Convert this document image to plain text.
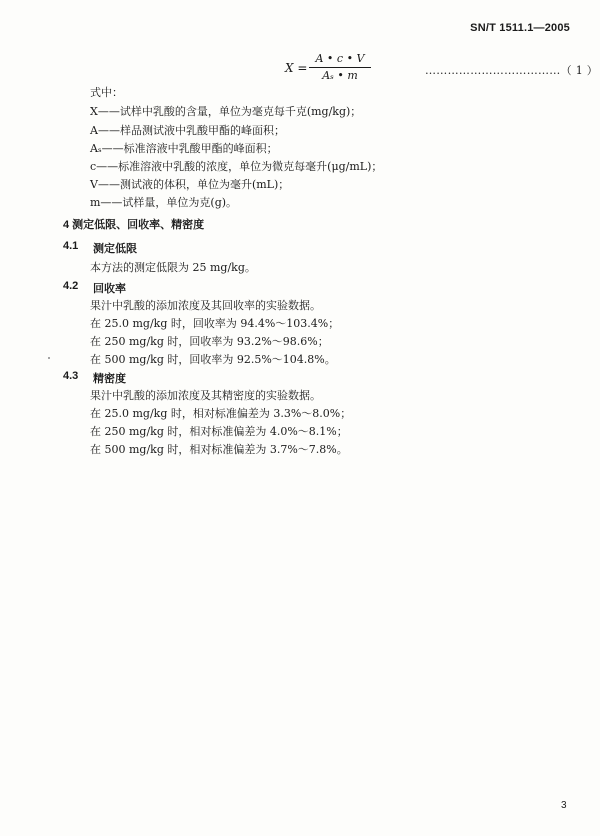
SN/T 1511.1—2005
X =
A • c • V
Aₛ • m	………………………………（ 1 ）
式中：
X——试样中乳酸的含量，单位为毫克每千克(mg/kg)；
A——样品测试液中乳酸甲酯的峰面积；
Aₛ——标准溶液中乳酸甲酯的峰面积；
c——标准溶液中乳酸的浓度，单位为微克每毫升(μg/mL)；
V——测试液的体积，单位为毫升(mL)；
m——试样量，单位为克(g)。
4 测定低限、回收率、精密度
4.1 测定低限
本方法的测定低限为 25 mg/kg。
4.2 回收率
果汁中乳酸的添加浓度及其回收率的实验数据。
在 25.0 mg/kg 时，回收率为 94.4%～103.4%；
在 250 mg/kg 时，回收率为 93.2%～98.6%；
在 500 mg/kg 时，回收率为 92.5%～104.8%。
4.3 精密度
果汁中乳酸的添加浓度及其精密度的实验数据。
在 25.0 mg/kg 时，相对标准偏差为 3.3%～8.0%；
在 250 mg/kg 时，相对标准偏差为 4.0%～8.1%；
在 500 mg/kg 时，相对标准偏差为 3.7%～7.8%。
3
